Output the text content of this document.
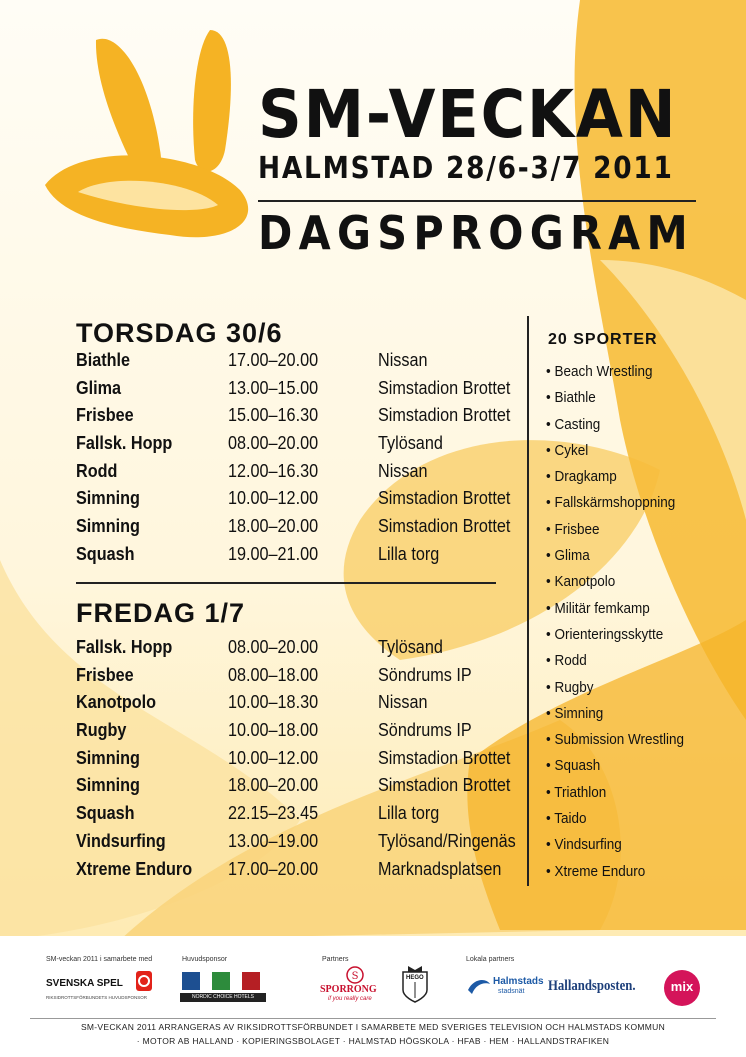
SM-VECKAN
HALMSTAD 28/6-3/7 2011
DAGSPROGRAM
TORSDAG 30/6
Biathle	17.00–20.00	Nissan
Glima	13.00–15.00	Simstadion Brottet
Frisbee	15.00–16.30	Simstadion Brottet
Fallsk. Hopp	08.00–20.00	Tylösand
Rodd	12.00–16.30	Nissan
Simning	10.00–12.00	Simstadion Brottet
Simning	18.00–20.00	Simstadion Brottet
Squash	19.00–21.00	Lilla torg
FREDAG 1/7
Fallsk. Hopp	08.00–20.00	Tylösand
Frisbee	08.00–18.00	Söndrums IP
Kanotpolo	10.00–18.30	Nissan
Rugby	10.00–18.00	Söndrums IP
Simning	10.00–12.00	Simstadion Brottet
Simning	18.00–20.00	Simstadion Brottet
Squash	22.15–23.45	Lilla torg
Vindsurfing	13.00–19.00	Tylösand/Ringenäs
Xtreme Enduro 17.00–20.00	Marknadsplatsen
20 SPORTER
• Beach Wrestling
• Biathle
• Casting
• Cykel
• Dragkamp
• Fallskärmshoppning
• Frisbee
• Glima
• Kanotpolo
• Militär femkamp
• Orienteringsskytte
• Rodd
• Rugby
• Simning
• Submission Wrestling
• Squash
• Triathlon
• Taido
• Vindsurfing
• Xtreme Enduro
SM-veckan 2011 i samarbete med	Huvudsponsor	Partners	Lokala partners
SVENSKA SPEL
RIKSIDROTTSFÖRBUNDETS HUVUDSPONSOR	NORDIC CHOICE HOTELS
S
SPORRONG
if you really care
HEGO	Halmstads
stadsnät Hallandsposten.	mix
SM-VECKAN 2011 ARRANGERAS AV RIKSIDROTTSFÖRBUNDET I SAMARBETE MED SVERIGES TELEVISION OCH HALMSTADS KOMMUN
· MOTOR AB HALLAND · KOPIERINGSBOLAGET · HALMSTAD HÖGSKOLA · HFAB · HEM · HALLANDSTRAFIKEN
